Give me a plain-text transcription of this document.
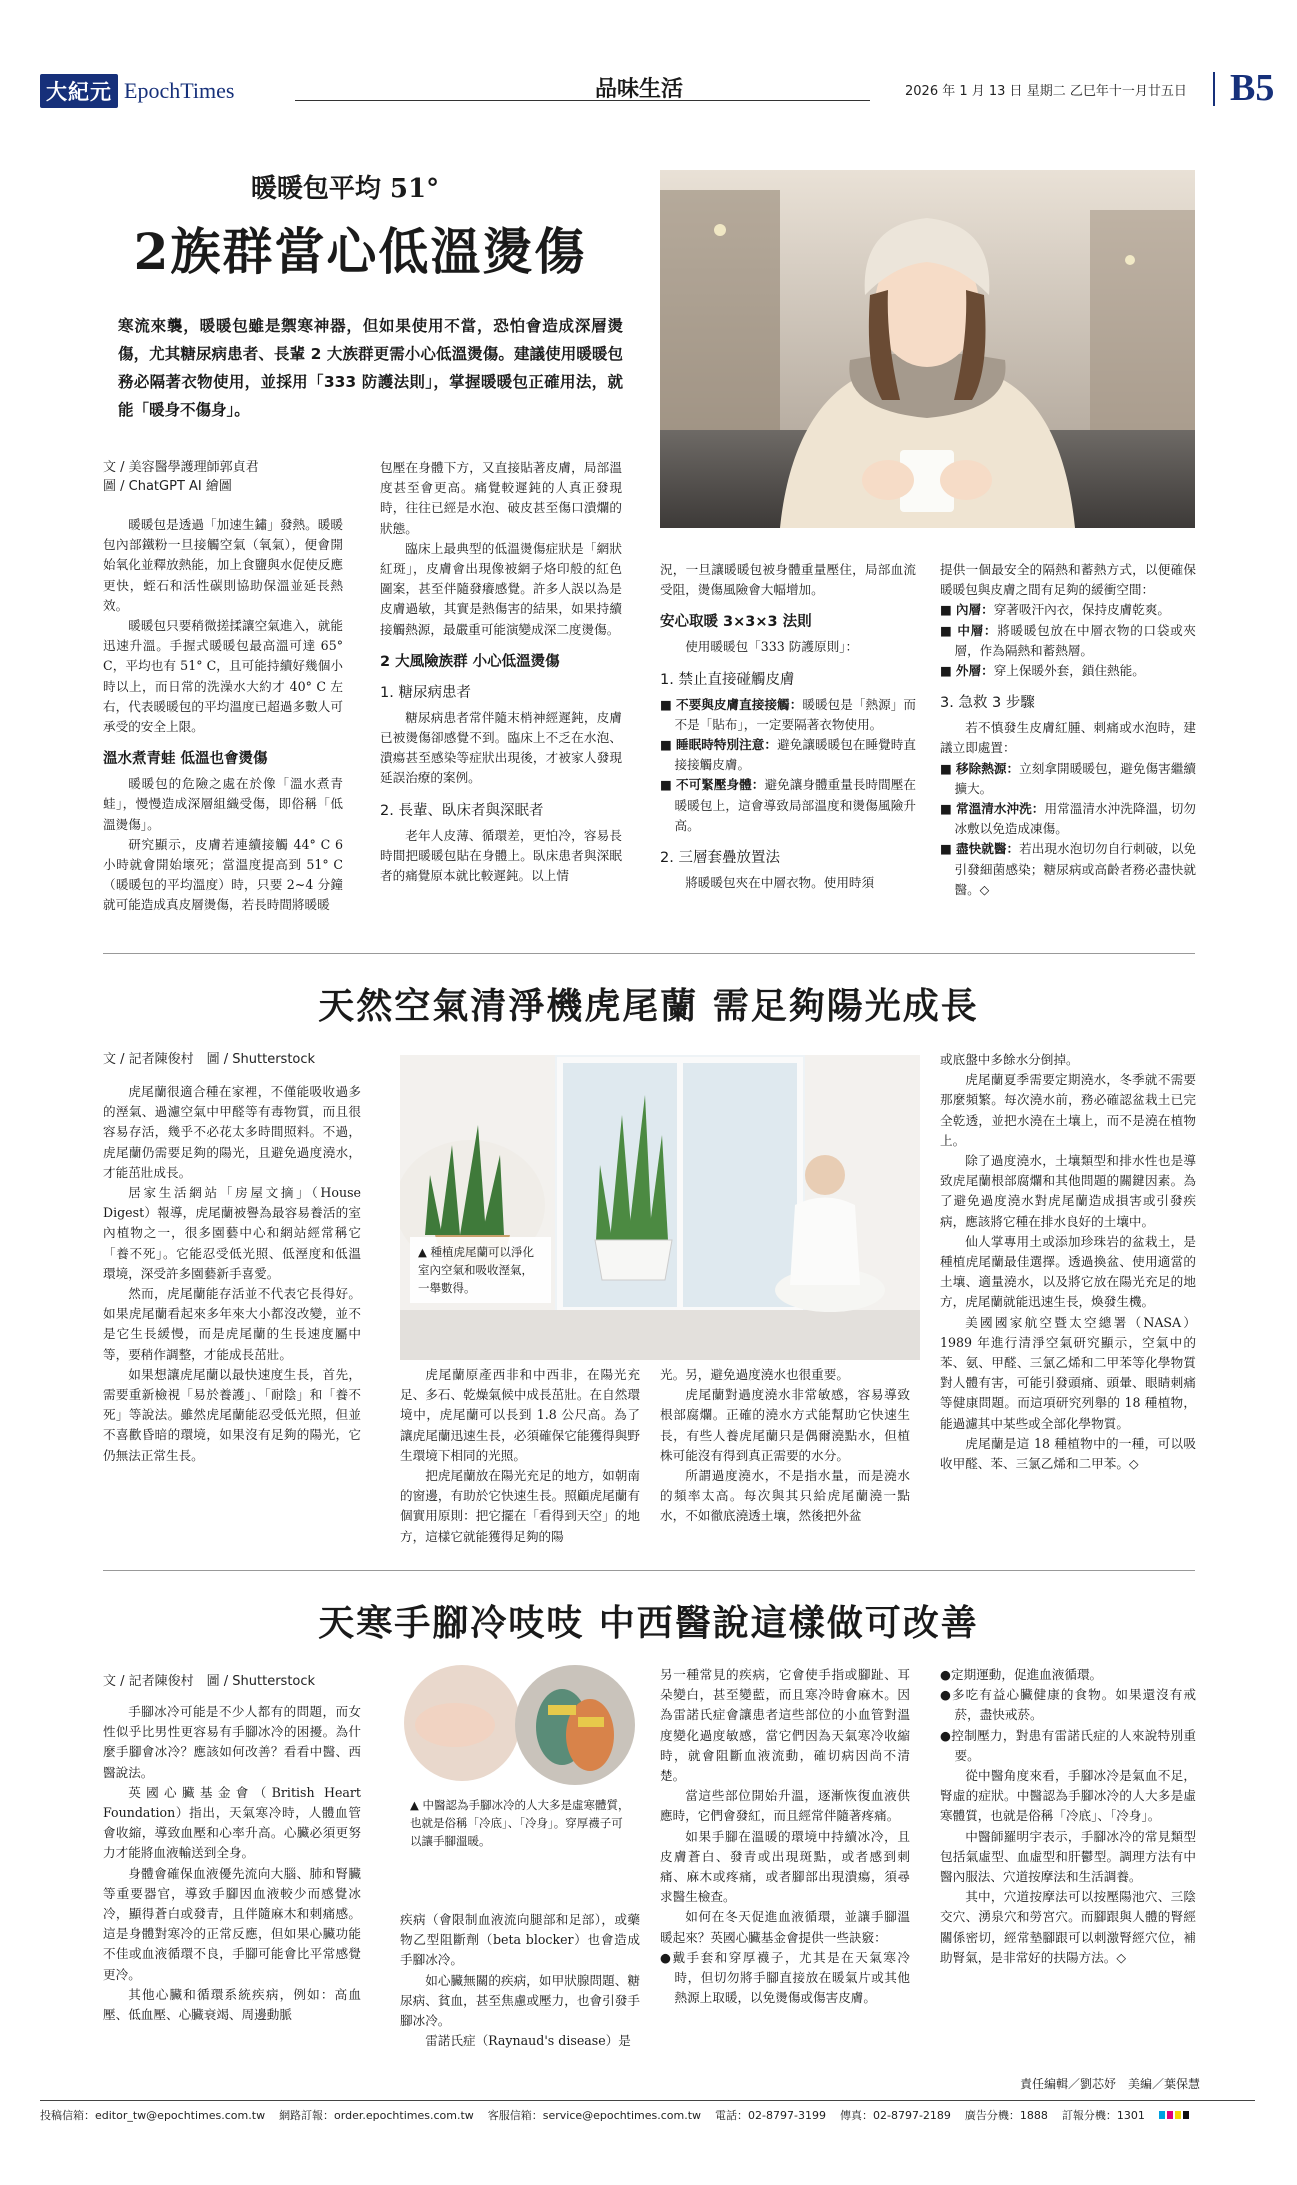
大紀元 EpochTimes	品味生活	2026 年 1 月 13 日 星期二 乙巳年十一月廿五日 B5
暖暖包平均 51°
2族群當心低溫燙傷
寒流來襲，暖暖包雖是禦寒神器，但如果使用不當，恐怕會造成深層燙傷，尤其糖尿病患者、長輩 2 大族群更需小心低溫燙傷。建議使用暖暖包務必隔著衣物使用，並採用「333 防護法則」，掌握暖暖包正確用法，就能「暖身不傷身」。
文 / 美容醫學護理師郭貞君
圖 / ChatGPT AI 繪圖

暖暖包是透過「加速生鏽」發熱。暖暖包內部鐵粉一旦接觸空氣（氧氣），便會開始氧化並釋放熱能，加上食鹽與水促使反應更快，蛭石和活性碳則協助保溫並延長熱效。

暖暖包只要稍微搓揉讓空氣進入，就能迅速升溫。手握式暖暖包最高溫可達 65° C，平均也有 51° C，且可能持續好幾個小時以上，而日常的洗澡水大約才 40° C 左右，代表暖暖包的平均溫度已超過多數人可承受的安全上限。

溫水煮青蛙 低溫也會燙傷

暖暖包的危險之處在於像「溫水煮青蛙」，慢慢造成深層組織受傷，即俗稱「低溫燙傷」。

研究顯示，皮膚若連續接觸 44° C 6 小時就會開始壞死；當溫度提高到 51° C（暖暖包的平均溫度）時，只要 2~4 分鐘就可能造成真皮層燙傷，若長時間將暖暖

包壓在身體下方，又直接貼著皮膚，局部溫度甚至會更高。痛覺較遲鈍的人真正發現時，往往已經是水泡、破皮甚至傷口潰爛的狀態。

臨床上最典型的低溫燙傷症狀是「網狀紅斑」，皮膚會出現像被網子烙印般的紅色圖案，甚至伴隨發癢感覺。許多人誤以為是皮膚過敏，其實是熱傷害的結果，如果持續接觸熱源，最嚴重可能演變成深二度燙傷。

2 大風險族群 小心低溫燙傷
1. 糖尿病患者

糖尿病患者常伴隨末梢神經遲鈍，皮膚已被燙傷卻感覺不到。臨床上不乏在水泡、潰瘍甚至感染等症狀出現後，才被家人發現延誤治療的案例。

2. 長輩、臥床者與深眠者

老年人皮薄、循環差，更怕冷，容易長時間把暖暖包貼在身體上。臥床患者與深眠者的痛覺原本就比較遲鈍。以上情

況，一旦讓暖暖包被身體重量壓住，局部血流受阻，燙傷風險會大幅增加。

安心取暖 3×3×3 法則

使用暖暖包「333 防護原則」：

1. 禁止直接碰觸皮膚

■ 不要與皮膚直接接觸：暖暖包是「熱源」而不是「貼布」，一定要隔著衣物使用。

■ 睡眠時特別注意：避免讓暖暖包在睡覺時直接接觸皮膚。

■ 不可緊壓身體：避免讓身體重量長時間壓在暖暖包上，這會導致局部溫度和燙傷風險升高。

2. 三層套疊放置法

將暖暖包夾在中層衣物。使用時須

提供一個最安全的隔熱和蓄熱方式，以便確保暖暖包與皮膚之間有足夠的緩衝空間：

■ 內層：穿著吸汗內衣，保持皮膚乾爽。

■ 中層：將暖暖包放在中層衣物的口袋或夾層，作為隔熱和蓄熱層。

■ 外層：穿上保暖外套，鎖住熱能。

3. 急救 3 步驟

若不慎發生皮膚紅腫、刺痛或水泡時，建議立即處置：

■ 移除熱源：立刻拿開暖暖包，避免傷害繼續擴大。

■ 常溫清水沖洗：用常溫清水沖洗降溫，切勿冰敷以免造成凍傷。

■ 盡快就醫：若出現水泡切勿自行刺破，以免引發細菌感染；糖尿病或高齡者務必盡快就醫。◇

天然空氣清淨機虎尾蘭 需足夠陽光成長
文 / 記者陳俊村　圖 / Shutterstock
▲ 種植虎尾蘭可以淨化室內空氣和吸收溼氣，一舉數得。

虎尾蘭很適合種在家裡，不僅能吸收過多的溼氣、過濾空氣中甲醛等有毒物質，而且很容易存活，幾乎不必花太多時間照料。不過，虎尾蘭仍需要足夠的陽光，且避免過度澆水，才能茁壯成長。

居家生活網站「房屋文摘」（House Digest）報導，虎尾蘭被譽為最容易養活的室內植物之一，很多園藝中心和網站經常稱它「養不死」。它能忍受低光照、低溼度和低溫環境，深受許多園藝新手喜愛。

然而，虎尾蘭能存活並不代表它長得好。如果虎尾蘭看起來多年來大小都沒改變，並不是它生長緩慢，而是虎尾蘭的生長速度屬中等，要稍作調整，才能成長茁壯。

如果想讓虎尾蘭以最快速度生長，首先，需要重新檢視「易於養護」、「耐陰」和「養不死」等說法。雖然虎尾蘭能忍受低光照，但並不喜歡昏暗的環境，如果沒有足夠的陽光，它仍無法正常生長。

虎尾蘭原產西非和中西非，在陽光充足、多石、乾燥氣候中成長茁壯。在自然環境中，虎尾蘭可以長到 1.8 公尺高。為了讓虎尾蘭迅速生長，必須確保它能獲得與野生環境下相同的光照。

把虎尾蘭放在陽光充足的地方，如朝南的窗邊，有助於它快速生長。照顧虎尾蘭有個實用原則：把它擺在「看得到天空」的地方，這樣它就能獲得足夠的陽

光。另，避免過度澆水也很重要。

虎尾蘭對過度澆水非常敏感，容易導致根部腐爛。正確的澆水方式能幫助它快速生長，有些人養虎尾蘭只是偶爾澆點水，但植株可能沒有得到真正需要的水分。

所謂過度澆水，不是指水量，而是澆水的頻率太高。每次與其只給虎尾蘭澆一點水，不如徹底澆透土壤，然後把外盆

或底盤中多餘水分倒掉。

虎尾蘭夏季需要定期澆水，冬季就不需要那麼頻繁。每次澆水前，務必確認盆栽土已完全乾透，並把水澆在土壤上，而不是澆在植物上。

除了過度澆水，土壤類型和排水性也是導致虎尾蘭根部腐爛和其他問題的關鍵因素。為了避免過度澆水對虎尾蘭造成損害或引發疾病，應該將它種在排水良好的土壤中。

仙人掌專用土或添加珍珠岩的盆栽土，是種植虎尾蘭最佳選擇。透過換盆、使用適當的土壤、適量澆水，以及將它放在陽光充足的地方，虎尾蘭就能迅速生長，煥發生機。

美國國家航空暨太空總署（NASA）1989 年進行清淨空氣研究顯示，空氣中的苯、氨、甲醛、三氯乙烯和二甲苯等化學物質對人體有害，可能引發頭痛、頭暈、眼睛刺痛等健康問題。而這項研究列舉的 18 種植物，能過濾其中某些或全部化學物質。

虎尾蘭是這 18 種植物中的一種，可以吸收甲醛、苯、三氯乙烯和二甲苯。◇

天寒手腳冷吱吱 中西醫說這樣做可改善
文 / 記者陳俊村　圖 / Shutterstock
▲ 中醫認為手腳冰冷的人大多是虛寒體質，也就是俗稱「冷底」、「冷身」。穿厚襪子可以讓手腳溫暖。

手腳冰冷可能是不少人都有的問題，而女性似乎比男性更容易有手腳冰冷的困擾。為什麼手腳會冰冷？應該如何改善？看看中醫、西醫說法。

英國心臟基金會（British Heart Foundation）指出，天氣寒冷時，人體血管會收縮，導致血壓和心率升高。心臟必須更努力才能將血液輸送到全身。

身體會確保血液優先流向大腦、肺和腎臟等重要器官，導致手腳因血液較少而感覺冰冷，顯得蒼白或發青，且伴隨麻木和刺痛感。這是身體對寒冷的正常反應，但如果心臟功能不佳或血液循環不良，手腳可能會比平常感覺更冷。

其他心臟和循環系統疾病，例如：高血壓、低血壓、心臟衰竭、周邊動脈

疾病（會限制血液流向腿部和足部），或藥物乙型阻斷劑（beta blocker）也會造成手腳冰冷。

如心臟無關的疾病，如甲狀腺問題、糖尿病、貧血，甚至焦慮或壓力，也會引發手腳冰冷。

雷諾氏症（Raynaud's disease）是

另一種常見的疾病，它會使手指或腳趾、耳朵變白，甚至變藍，而且寒冷時會麻木。因為雷諾氏症會讓患者這些部位的小血管對溫度變化過度敏感，當它們因為天氣寒冷收縮時，就會阻斷血液流動，確切病因尚不清楚。

當這些部位開始升溫，逐漸恢復血液供應時，它們會發紅，而且經常伴隨著疼痛。

如果手腳在溫暖的環境中持續冰冷，且皮膚蒼白、發青或出現斑點，或者感到刺痛、麻木或疼痛，或者腳部出現潰瘍，須尋求醫生檢查。

如何在冬天促進血液循環，並讓手腳溫暖起來？英國心臟基金會提供一些訣竅：

●戴手套和穿厚襪子，尤其是在天氣寒冷時，但切勿將手腳直接放在暖氣片或其他熱源上取暖，以免燙傷或傷害皮膚。

●定期運動，促進血液循環。

●多吃有益心臟健康的食物。如果還沒有戒菸，盡快戒菸。

●控制壓力，對患有雷諾氏症的人來說特別重要。

從中醫角度來看，手腳冰冷是氣血不足，腎虛的症狀。中醫認為手腳冰冷的人大多是虛寒體質，也就是俗稱「冷底」、「冷身」。

中醫師羅明宇表示，手腳冰冷的常見類型包括氣虛型、血虛型和肝鬱型。調理方法有中醫內服法、穴道按摩法和生活調養。

其中，穴道按摩法可以按壓陽池穴、三陰交穴、湧泉穴和勞宮穴。而腳跟與人體的腎經關係密切，經常墊腳跟可以刺激腎經穴位，補助腎氣，是非常好的扶陽方法。◇

責任編輯／劉芯妤　美編／葉保慧
投稿信箱：editor_tw@epochtimes.com.tw 網路訂報：order.epochtimes.com.tw 客服信箱：service@epochtimes.com.tw 電話：02-8797-3199 傳真：02-8797-2189 廣告分機：1888 訂報分機：1301
